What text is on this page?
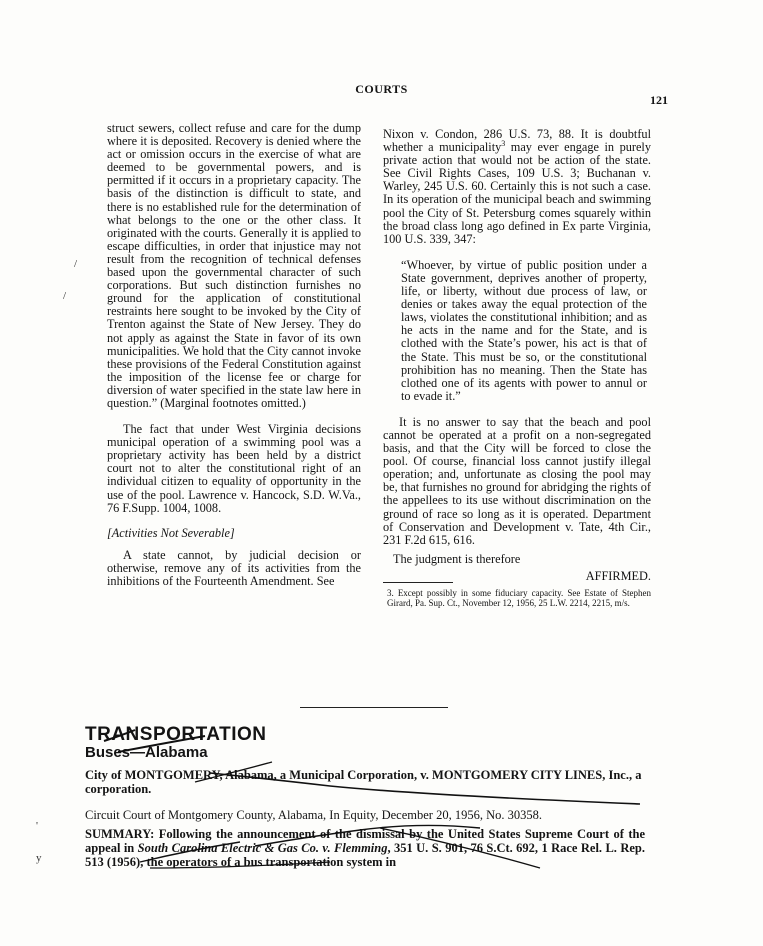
COURTS
121
/
/
'
y

struct sewers, collect refuse and care for the dump where it is deposited. Recovery is denied where the act or omission occurs in the exercise of what are deemed to be governmental powers, and is permitted if it occurs in a proprietary capacity. The basis of the distinction is difficult to state, and there is no established rule for the determination of what belongs to the one or the other class. It originated with the courts. Generally it is applied to escape difficulties, in order that injustice may not result from the recognition of technical defenses based upon the governmental character of such corporations. But such distinction furnishes no ground for the application of constitutional restraints here sought to be invoked by the City of Trenton against the State of New Jersey. They do not apply as against the State in favor of its own municipalities. We hold that the City cannot invoke these provisions of the Federal Constitution against the imposition of the license fee or charge for diversion of water specified in the state law here in question.” (Marginal footnotes omitted.)

The fact that under West Virginia decisions municipal operation of a swimming pool was a proprietary activity has been held by a district court not to alter the constitutional right of an individual citizen to equality of opportunity in the use of the pool. Lawrence v. Hancock, S.D. W.Va., 76 F.Supp. 1004, 1008.

[Activities Not Severable]

A state cannot, by judicial decision or otherwise, remove any of its activities from the inhibitions of the Fourteenth Amendment. See

Nixon v. Condon, 286 U.S. 73, 88. It is doubtful whether a municipality$^3$ may ever engage in purely private action that would not be action of the state. See Civil Rights Cases, 109 U.S. 3; Buchanan v. Warley, 245 U.S. 60. Certainly this is not such a case. In its operation of the municipal beach and swimming pool the City of St. Petersburg comes squarely within the broad class long ago defined in Ex parte Virginia, 100 U.S. 339, 347:

“Whoever, by virtue of public position under a State government, deprives another of property, life, or liberty, without due process of law, or denies or takes away the equal protection of the laws, violates the constitutional inhibition; and as he acts in the name and for the State, and is clothed with the State’s power, his act is that of the State. This must be so, or the constitutional prohibition has no meaning. Then the State has clothed one of its agents with power to annul or to evade it.”

It is no answer to say that the beach and pool cannot be operated at a profit on a non-segregated basis, and that the City will be forced to close the pool. Of course, financial loss cannot justify illegal operation; and, unfortunate as closing the pool may be, that furnishes no ground for abridging the rights of the appellees to its use without discrimination on the ground of race so long as it is operated. Department of Conservation and Development v. Tate, 4th Cir., 231 F.2d 615, 616.

The judgment is therefore
AFFIRMED.

3. Except possibly in some fiduciary capacity. See Estate of Stephen Girard, Pa. Sup. Ct., November 12, 1956, 25 L.W. 2214, 2215, m/s.

TRANSPORTATION
Buses—Alabama

City of MONTGOMERY, Alabama, a Municipal Corporation, v. MONTGOMERY CITY LINES, Inc., a corporation.

Circuit Court of Montgomery County, Alabama, In Equity, December 20, 1956, No. 30358.

SUMMARY: Following the announcement of the dismissal by the United States Supreme Court of the appeal in South Carolina Electric & Gas Co. v. Flemming, 351 U. S. 901, 76 S.Ct. 692, 1 Race Rel. L. Rep. 513 (1956), the operators of a bus transportation system in
